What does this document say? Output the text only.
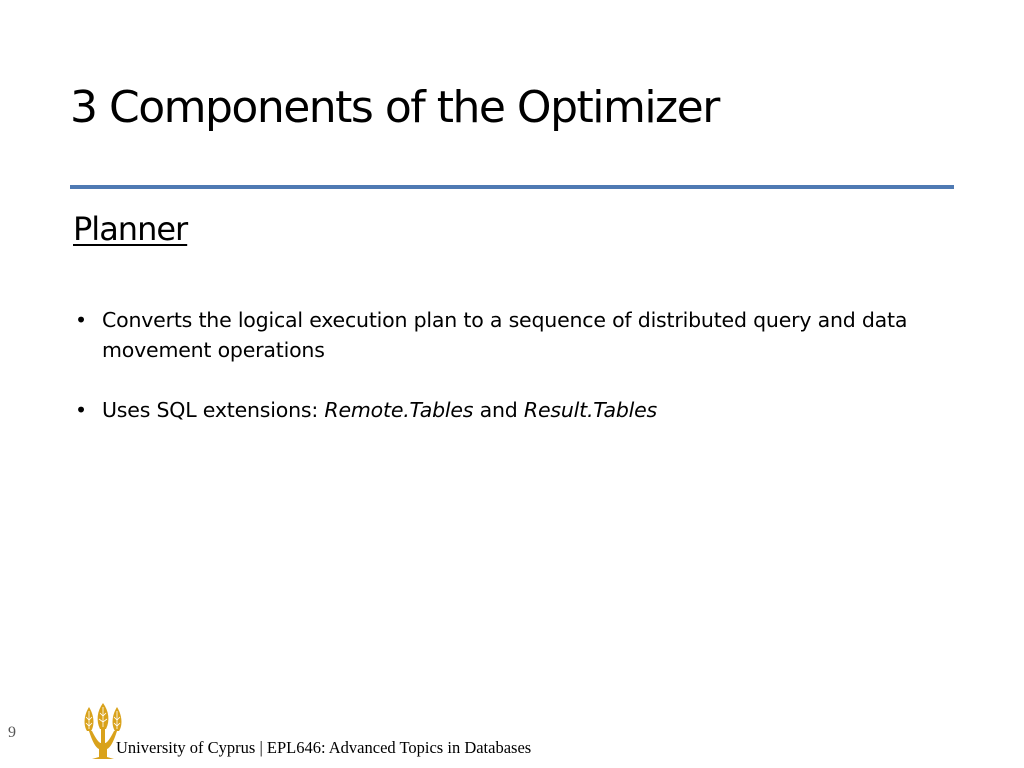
3 Components of the Optimizer
Planner
• Converts the logical execution plan to a sequence of distributed query and data movement operations
• Uses SQL extensions: Remote.Tables and Result.Tables
9
University of Cyprus | EPL646: Advanced Topics in Databases
